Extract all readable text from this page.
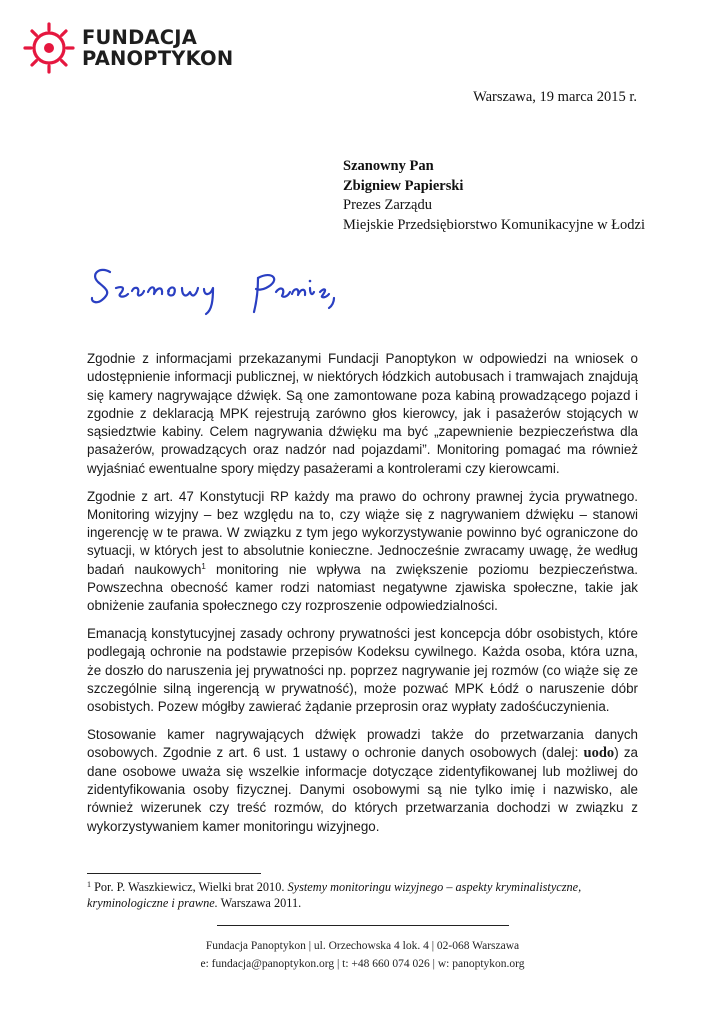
FUNDACJA
PANOPTYKON
Warszawa, 19 marca 2015 r.
Szanowny Pan
Zbigniew Papierski
Prezes Zarządu
Miejskie Przedsiębiorstwo Komunikacyjne w Łodzi

Zgodnie z informacjami przekazanymi Fundacji Panoptykon w odpowiedzi na wniosek o udostępnienie informacji publicznej, w niektórych łódzkich autobusach i tramwajach znajdują się kamery nagrywające dźwięk. Są one zamontowane poza kabiną prowadzącego pojazd i zgodnie z deklaracją MPK rejestrują zarówno głos kierowcy, jak i pasażerów stojących w sąsiedztwie kabiny. Celem nagrywania dźwięku ma być „zapewnienie bezpieczeństwa dla pasażerów, prowadzących oraz nadzór nad pojazdami”. Monitoring pomagać ma również wyjaśniać ewentualne spory między pasażerami a kontrolerami czy kierowcami.

Zgodnie z art. 47 Konstytucji RP każdy ma prawo do ochrony prawnej życia prywatnego. Monitoring wizyjny – bez względu na to, czy wiąże się z nagrywaniem dźwięku – stanowi ingerencję w te prawa. W związku z tym jego wykorzystywanie powinno być ograniczone do sytuacji, w których jest to absolutnie konieczne. Jednocześnie zwracamy uwagę, że według badań naukowych$^1$ monitoring nie wpływa na zwiększenie poziomu bezpieczeństwa. Powszechna obecność kamer rodzi natomiast negatywne zjawiska społeczne, takie jak obniżenie zaufania społecznego czy rozproszenie odpowiedzialności.

Emanacją konstytucyjnej zasady ochrony prywatności jest koncepcja dóbr osobistych, które podlegają ochronie na podstawie przepisów Kodeksu cywilnego. Każda osoba, która uzna, że doszło do naruszenia jej prywatności np. poprzez nagrywanie jej rozmów (co wiąże się ze szczególnie silną ingerencją w prywatność), może pozwać MPK Łódź o naruszenie dóbr osobistych. Pozew mógłby zawierać żądanie przeprosin oraz wypłaty zadośćuczynienia.

Stosowanie kamer nagrywających dźwięk prowadzi także do przetwarzania danych osobowych. Zgodnie z art. 6 ust. 1 ustawy o ochronie danych osobowych (dalej: uodo) za dane osobowe uważa się wszelkie informacje dotyczące zidentyfikowanej lub możliwej do zidentyfikowania osoby fizycznej. Danymi osobowymi są nie tylko imię i nazwisko, ale również wizerunek czy treść rozmów, do których przetwarzania dochodzi w związku z wykorzystywaniem kamer monitoringu wizyjnego.

$^1$ Por. P. Waszkiewicz, Wielki brat 2010. Systemy monitoringu wizyjnego – aspekty kryminalistyczne, kryminologiczne i prawne. Warszawa 2011.
Fundacja Panoptykon | ul. Orzechowska 4 lok. 4 | 02-068 Warszawa
e: fundacja@panoptykon.org | t: +48 660 074 026 | w: panoptykon.org
